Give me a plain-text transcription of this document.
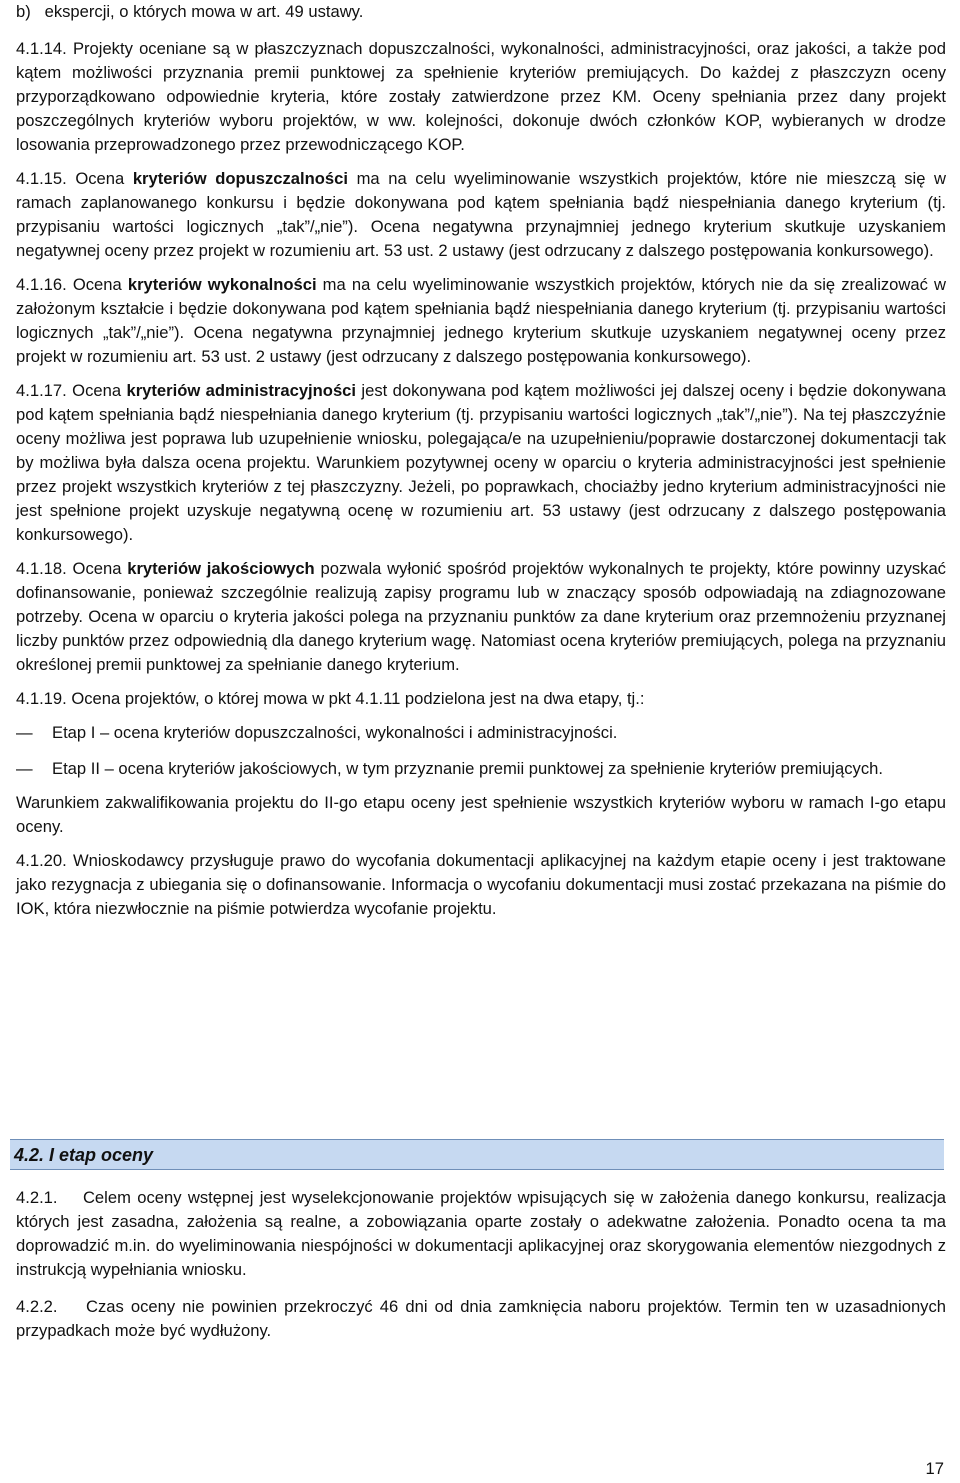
b)   ekspercji, o których mowa w art. 49 ustawy.

4.1.14. Projekty oceniane są w płaszczyznach dopuszczalności, wykonalności, administracyjności, oraz jakości, a także pod kątem możliwości przyznania premii punktowej za spełnienie kryteriów premiujących. Do każdej z płaszczyzn oceny przyporządkowano odpowiednie kryteria, które zostały zatwierdzone przez KM. Oceny spełniania przez dany projekt poszczególnych kryteriów wyboru projektów, w ww. kolejności, dokonuje dwóch członków KOP, wybieranych w drodze losowania przeprowadzonego przez przewodniczącego KOP.

4.1.15. Ocena kryteriów dopuszczalności ma na celu wyeliminowanie wszystkich projektów, które nie mieszczą się w ramach zaplanowanego konkursu i będzie dokonywana pod kątem spełniania bądź niespełniania danego kryterium (tj. przypisaniu wartości logicznych „tak”/„nie”). Ocena negatywna przynajmniej jednego kryterium skutkuje uzyskaniem negatywnej oceny przez projekt w rozumieniu art. 53 ust. 2 ustawy (jest odrzucany z dalszego postępowania konkursowego).

4.1.16. Ocena kryteriów wykonalności ma na celu wyeliminowanie wszystkich projektów, których nie da się zrealizować w założonym kształcie i będzie dokonywana pod kątem spełniania bądź niespełniania danego kryterium (tj. przypisaniu wartości logicznych „tak”/„nie”). Ocena negatywna przynajmniej jednego kryterium skutkuje uzyskaniem negatywnej oceny przez projekt w rozumieniu art. 53 ust. 2 ustawy (jest odrzucany z dalszego postępowania konkursowego).

4.1.17. Ocena kryteriów administracyjności jest dokonywana pod kątem możliwości jej dalszej oceny i będzie dokonywana pod kątem spełniania bądź niespełniania danego kryterium (tj. przypisaniu wartości logicznych „tak”/„nie”). Na tej płaszczyźnie oceny możliwa jest poprawa lub uzupełnienie wniosku, polegająca/e na uzupełnieniu/poprawie dostarczonej dokumentacji tak by możliwa była dalsza ocena projektu. Warunkiem pozytywnej oceny w oparciu o kryteria administracyjności jest spełnienie przez projekt wszystkich kryteriów z tej płaszczyzny. Jeżeli, po poprawkach, chociażby jedno kryterium administracyjności nie jest spełnione projekt uzyskuje negatywną ocenę w rozumieniu art. 53 ustawy (jest odrzucany z dalszego postępowania konkursowego).

4.1.18. Ocena kryteriów jakościowych pozwala wyłonić spośród projektów wykonalnych te projekty, które powinny uzyskać dofinansowanie, ponieważ szczególnie realizują zapisy programu lub w znaczący sposób odpowiadają na zdiagnozowane potrzeby. Ocena w oparciu o kryteria jakości polega na przyznaniu punktów za dane kryterium oraz przemnożeniu przyznanej liczby punktów przez odpowiednią dla danego kryterium wagę. Natomiast ocena kryteriów premiujących, polega na przyznaniu określonej premii punktowej za spełnianie danego kryterium.

4.1.19. Ocena projektów, o której mowa w pkt 4.1.11 podzielona jest na dwa etapy, tj.:

—	Etap I – ocena kryteriów dopuszczalności, wykonalności i administracyjności.
—	Etap II – ocena kryteriów jakościowych, w tym przyznanie premii punktowej za spełnienie kryteriów premiujących.

Warunkiem zakwalifikowania projektu do II-go etapu oceny jest spełnienie wszystkich kryteriów wyboru w ramach I-go etapu oceny.

4.1.20. Wnioskodawcy przysługuje prawo do wycofania dokumentacji aplikacyjnej na każdym etapie oceny i jest traktowane jako rezygnacja z ubiegania się o dofinansowanie. Informacja o wycofaniu dokumentacji musi zostać przekazana na piśmie do IOK, która niezwłocznie na piśmie potwierdza wycofanie projektu.

4.2. I etap oceny

4.2.1.    Celem oceny wstępnej jest wyselekcjonowanie projektów wpisujących się w założenia danego konkursu, realizacja których jest zasadna, założenia są realne, a zobowiązania oparte zostały o adekwatne założenia. Ponadto ocena ta ma doprowadzić m.in. do wyeliminowania niespójności w dokumentacji aplikacyjnej oraz skorygowania elementów niezgodnych z instrukcją wypełniania wniosku.

4.2.2.    Czas oceny nie powinien przekroczyć 46 dni od dnia zamknięcia naboru projektów. Termin ten w uzasadnionych przypadkach może być wydłużony.

17
